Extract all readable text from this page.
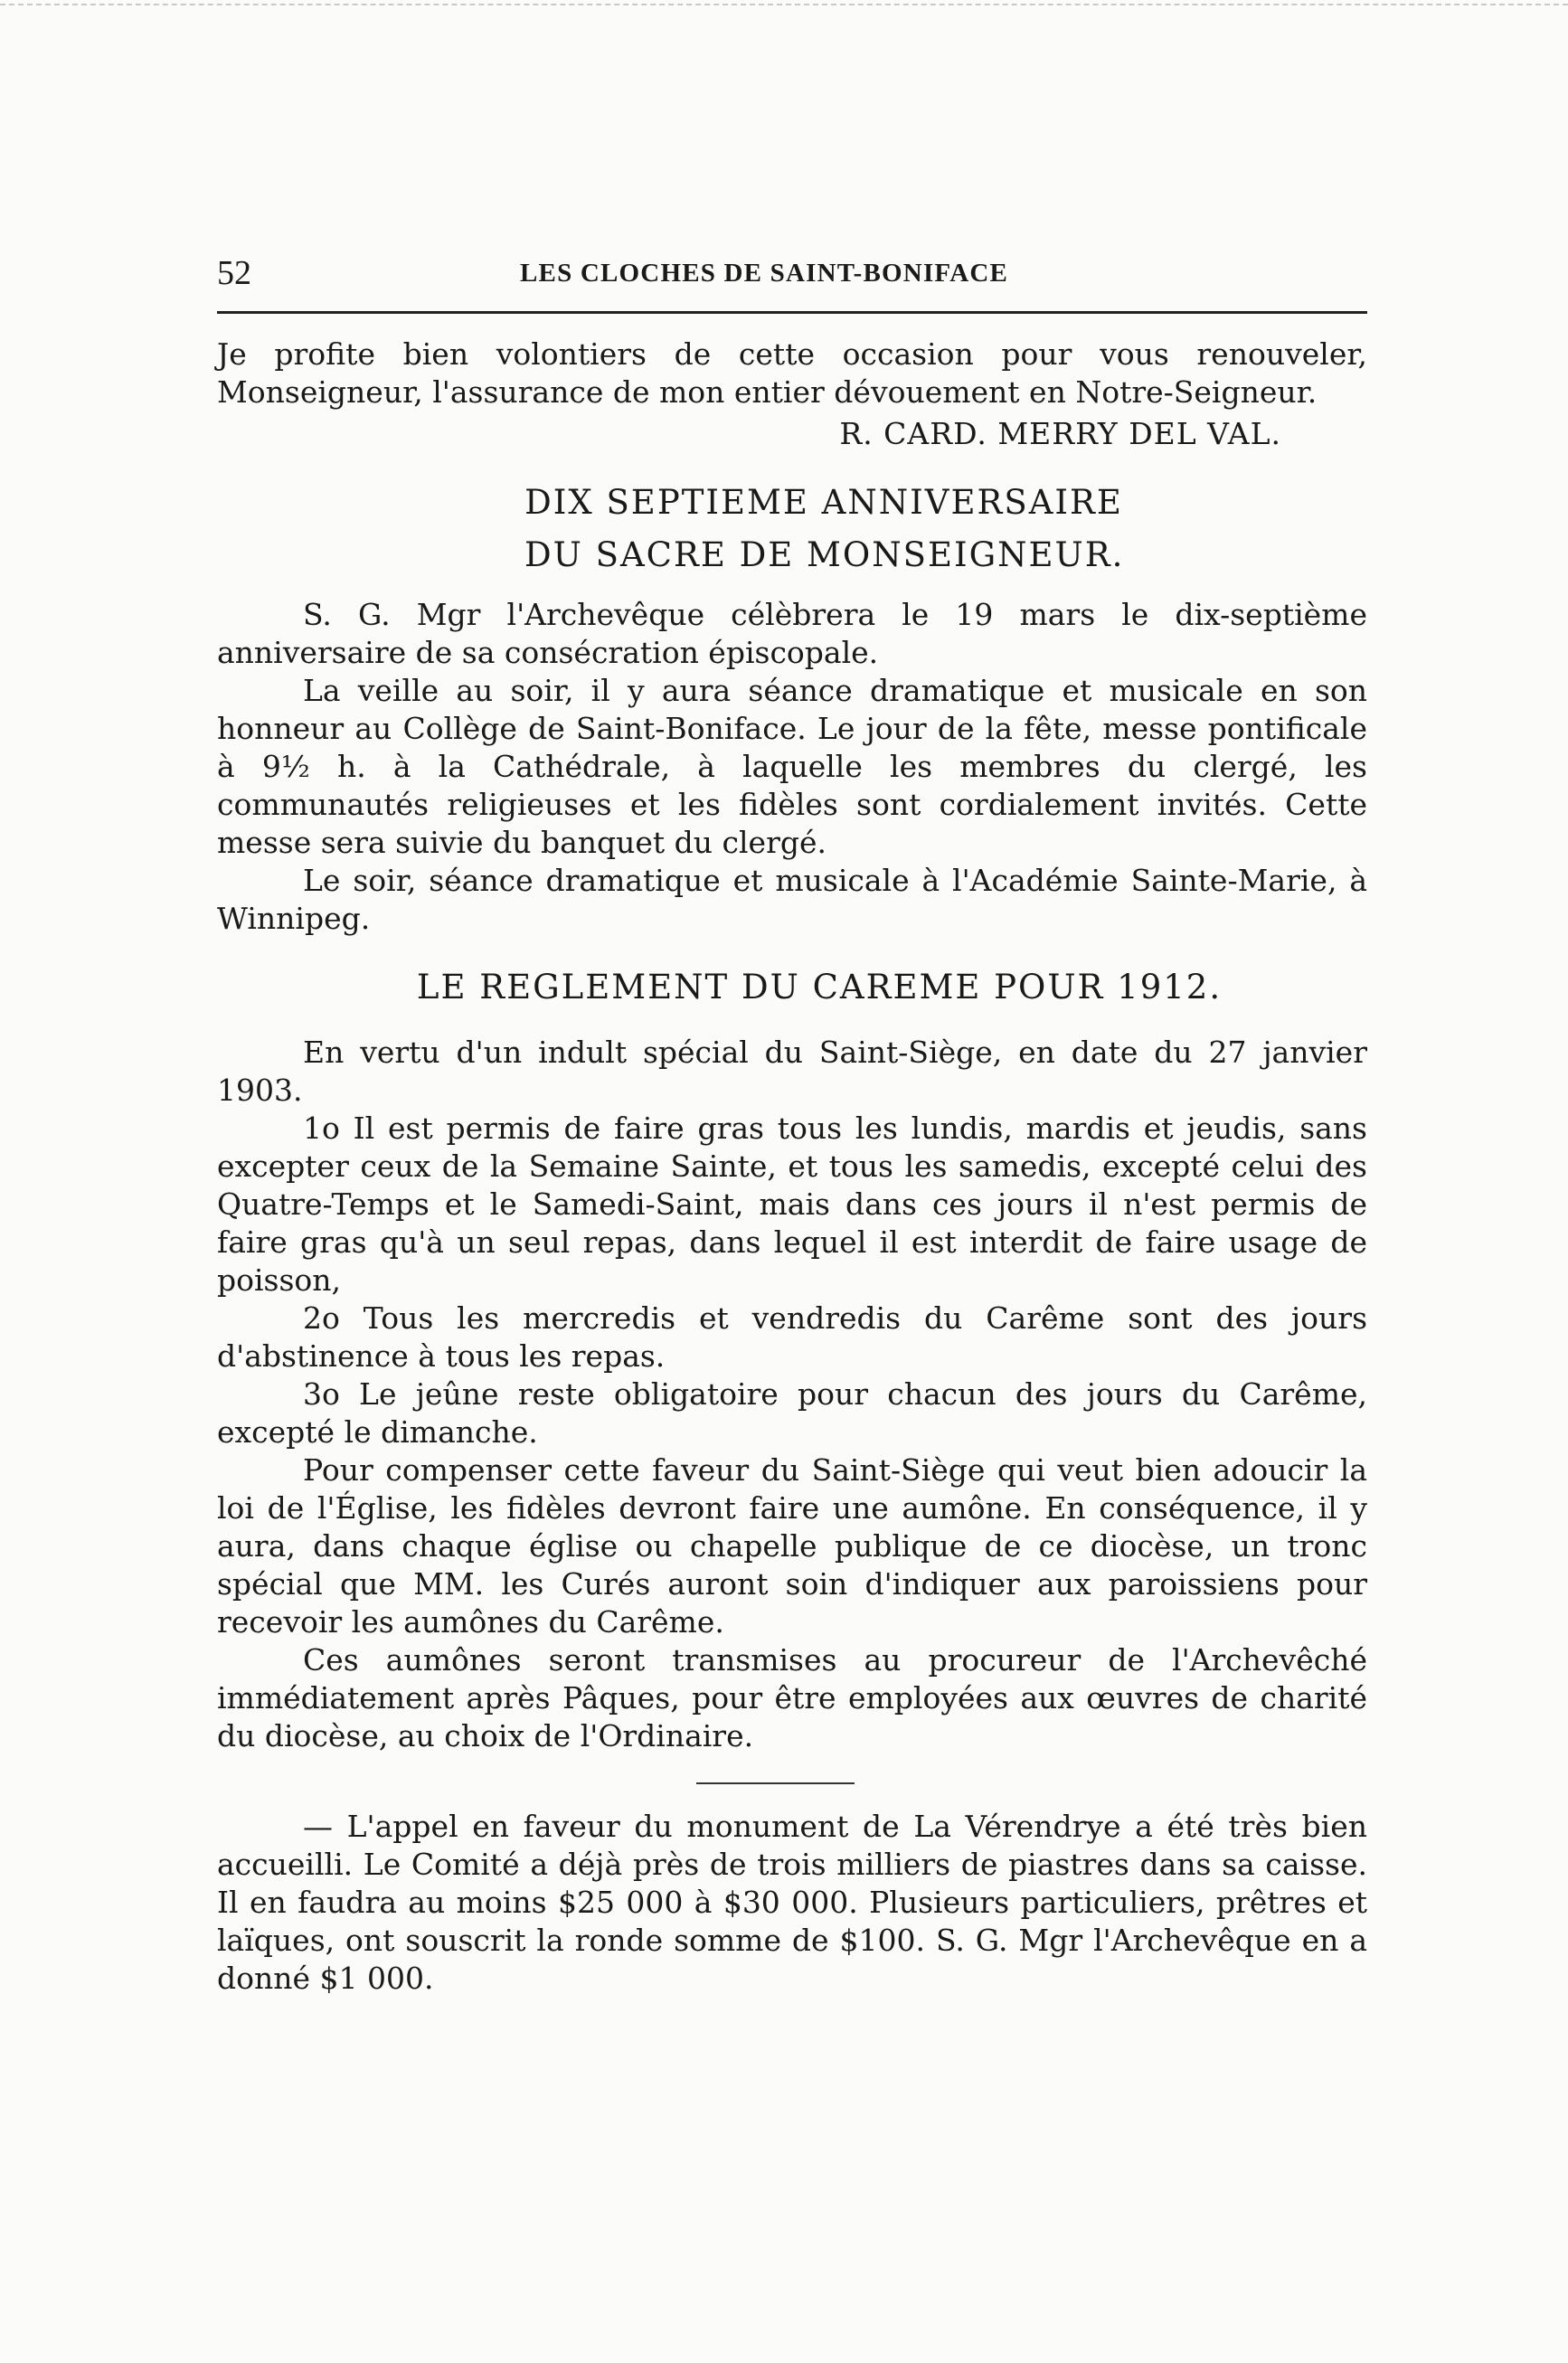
52	LES CLOCHES DE SAINT-BONIFACE

Je profite bien volontiers de cette occasion pour vous renouveler, Monseigneur, l'assurance de mon entier dévouement en Notre-Seigneur.

R. CARD. MERRY DEL VAL.

DIX SEPTIEME ANNIVERSAIRE
DU SACRE DE MONSEIGNEUR.

S. G. Mgr l'Archevêque célèbrera le 19 mars le dix-septième anniversaire de sa consécration épiscopale.

La veille au soir, il y aura séance dramatique et musicale en son honneur au Collège de Saint-Boniface. Le jour de la fête, messe pontificale à 9½ h. à la Cathédrale, à laquelle les membres du clergé, les communautés religieuses et les fidèles sont cordialement invités. Cette messe sera suivie du banquet du clergé.

Le soir, séance dramatique et musicale à l'Académie Sainte-Marie, à Winnipeg.

LE REGLEMENT DU CAREME POUR 1912.

En vertu d'un indult spécial du Saint-Siège, en date du 27 janvier 1903.

1o Il est permis de faire gras tous les lundis, mardis et jeudis, sans excepter ceux de la Semaine Sainte, et tous les samedis, excepté celui des Quatre-Temps et le Samedi-Saint, mais dans ces jours il n'est permis de faire gras qu'à un seul repas, dans lequel il est interdit de faire usage de poisson,

2o Tous les mercredis et vendredis du Carême sont des jours d'abstinence à tous les repas.

3o Le jeûne reste obligatoire pour chacun des jours du Carême, excepté le dimanche.

Pour compenser cette faveur du Saint-Siège qui veut bien adoucir la loi de l'Église, les fidèles devront faire une aumône. En conséquence, il y aura, dans chaque église ou chapelle publique de ce diocèse, un tronc spécial que MM. les Curés auront soin d'indiquer aux paroissiens pour recevoir les aumônes du Carême.

Ces aumônes seront transmises au procureur de l'Archevêché immédiatement après Pâques, pour être employées aux œuvres de charité du diocèse, au choix de l'Ordinaire.

— L'appel en faveur du monument de La Vérendrye a été très bien accueilli. Le Comité a déjà près de trois milliers de piastres dans sa caisse. Il en faudra au moins $25 000 à $30 000. Plusieurs particuliers, prêtres et laïques, ont souscrit la ronde somme de $100. S. G. Mgr l'Archevêque en a donné $1 000.
